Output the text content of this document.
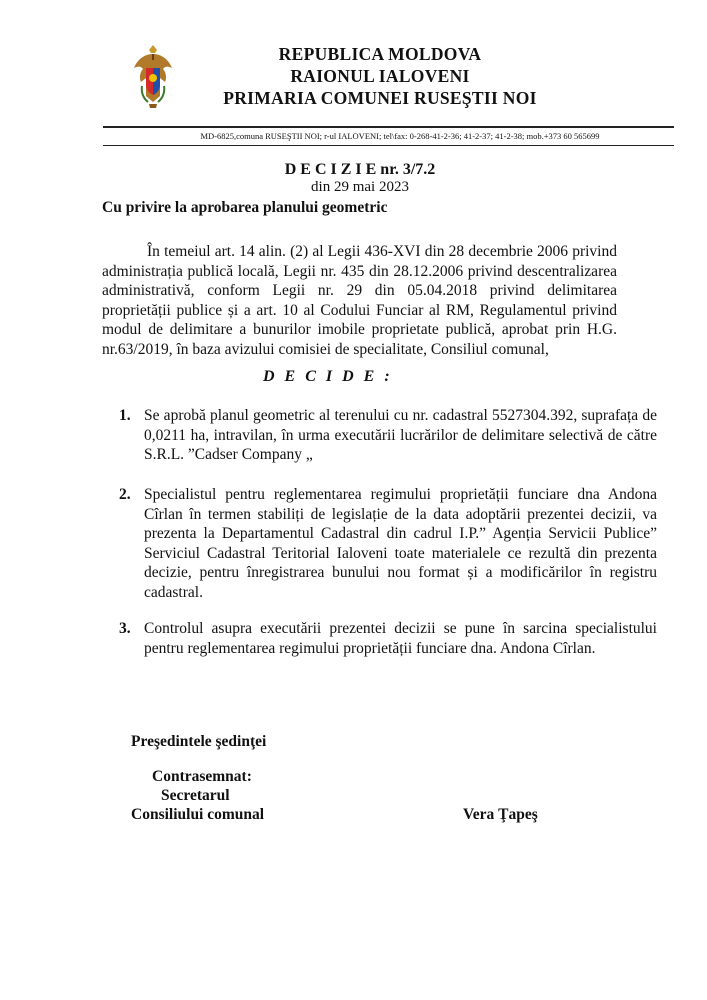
REPUBLICA MOLDOVA
RAIONUL IALOVENI
PRIMARIA COMUNEI RUSEŞTII NOI
MD-6825,comuna RUSEŞTII NOI; r-ul IALOVENI; tel\fax: 0-268-41-2-36; 41-2-37; 41-2-38; mob.+373 60 565699
D E C I Z I E nr. 3/7.2
din 29 mai 2023
Cu privire la aprobarea planului geometric
În temeiul art. 14 alin. (2) al Legii 436-XVI din 28 decembrie 2006 privind administrația publică locală, Legii nr. 435 din 28.12.2006 privind descentralizarea administrativă, conform Legii nr. 29 din 05.04.2018 privind delimitarea proprietății publice și a art. 10 al Codului Funciar al RM, Regulamentul privind modul de delimitare a bunurilor imobile proprietate publică, aprobat prin H.G. nr.63/2019, în baza avizului comisiei de specialitate, Consiliul comunal,
D E C I D E :
1. Se aprobă planul geometric al terenului cu nr. cadastral 5527304.392, suprafața de 0,0211 ha, intravilan, în urma executării lucrărilor de delimitare selectivă de către S.R.L. ”Cadser Company „
2. Specialistul pentru reglementarea regimului proprietății funciare dna Andona Cîrlan în termen stabiliți de legislație de la data adoptării prezentei decizii, va prezenta la Departamentul Cadastral din cadrul I.P.” Agenția Servicii Publice” Serviciul Cadastral Teritorial Ialoveni toate materialele ce rezultă din prezenta decizie, pentru înregistrarea bunului nou format și a modificărilor în registru cadastral.
3. Controlul asupra executării prezentei decizii se pune în sarcina specialistului pentru reglementarea regimului proprietății funciare dna. Andona Cîrlan.
Preşedintele şedinţei
Contrasemnat:
Secretarul
Consiliului comunal	Vera Ţapeş
